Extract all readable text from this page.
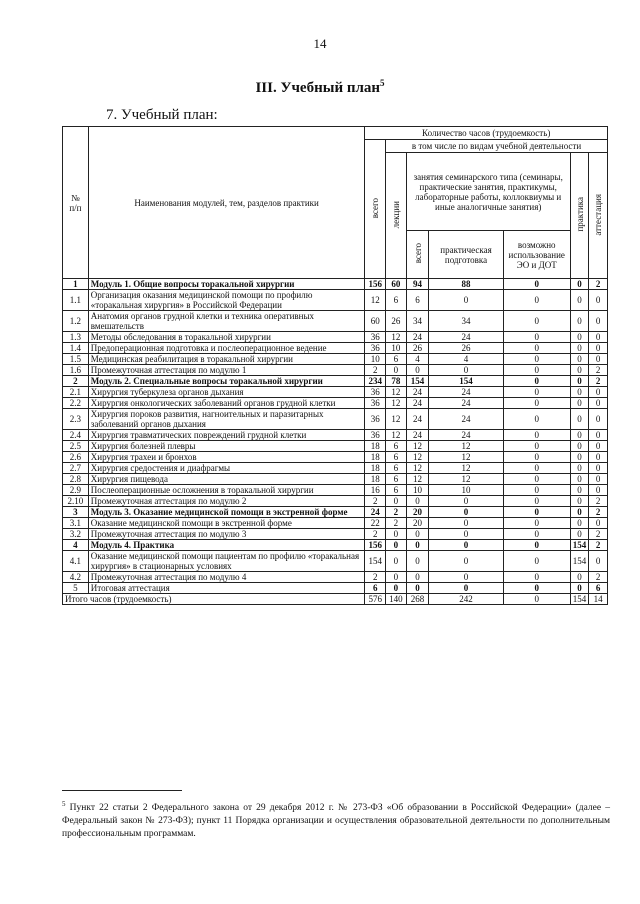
14
III. Учебный план$^5$
7. Учебный план:
№
п/п	Наименования модулей, тем, разделов практики	Количество часов (трудоемкость)						
		всего	в том числе по видам учебной деятельности					
			лекции	занятия семинарского типа (семинары, практические занятия, практикумы, лабораторные работы, коллоквиумы и иные аналогичные занятия)			практика	аттестация
				всего	практическая подготовка	возможно использование ЭО и ДОТ		
1	Модуль 1. Общие вопросы торакальной хирургии	156	60	94	88	0	0	2
1.1	Организация оказания медицинской помощи по профилю «торакальная хирургия» в Российской Федерации	12	6	6	0	0	0	0
1.2	Анатомия органов грудной клетки и техника оперативных вмешательств	60	26	34	34	0	0	0
1.3	Методы обследования в торакальной хирургии	36	12	24	24	0	0	0
1.4	Предоперационная подготовка и послеоперационное ведение	36	10	26	26	0	0	0
1.5	Медицинская реабилитация в торакальной хирургии	10	6	4	4	0	0	0
1.6	Промежуточная аттестация по модулю 1	2	0	0	0	0	0	2
2	Модуль 2. Специальные вопросы торакальной хирургии	234	78	154	154	0	0	2
2.1	Хирургия туберкулеза органов дыхания	36	12	24	24	0	0	0
2.2	Хирургия онкологических заболеваний органов грудной клетки	36	12	24	24	0	0	0
2.3	Хирургия пороков развития, нагноительных и паразитарных заболеваний органов дыхания	36	12	24	24	0	0	0
2.4	Хирургия травматических повреждений грудной клетки	36	12	24	24	0	0	0
2.5	Хирургия болезней плевры	18	6	12	12	0	0	0
2.6	Хирургия трахеи и бронхов	18	6	12	12	0	0	0
2.7	Хирургия средостения и диафрагмы	18	6	12	12	0	0	0
2.8	Хирургия пищевода	18	6	12	12	0	0	0
2.9	Послеоперационные осложнения в торакальной хирургии	16	6	10	10	0	0	0
2.10	Промежуточная аттестация по модулю 2	2	0	0	0	0	0	2
3	Модуль 3. Оказание медицинской помощи в экстренной форме	24	2	20	0	0	0	2
3.1	Оказание медицинской помощи в экстренной форме	22	2	20	0	0	0	0
3.2	Промежуточная аттестация по модулю 3	2	0	0	0	0	0	2
4	Модуль 4. Практика	156	0	0	0	0	154	2
4.1	Оказание медицинской помощи пациентам по профилю «торакальная хирургия» в стационарных условиях	154	0	0	0	0	154	0
4.2	Промежуточная аттестация по модулю 4	2	0	0	0	0	0	2
5	Итоговая аттестация	6	0	0	0	0	0	6
Итого часов (трудоемкость)		576	140	268	242	0	154	14
$^5$ Пункт 22 статьи 2 Федерального закона от 29 декабря 2012 г. № 273-ФЗ «Об образовании в Российской Федерации» (далее – Федеральный закон № 273-ФЗ); пункт 11 Порядка организации и осуществления образовательной деятельности по дополнительным профессиональным программам.
